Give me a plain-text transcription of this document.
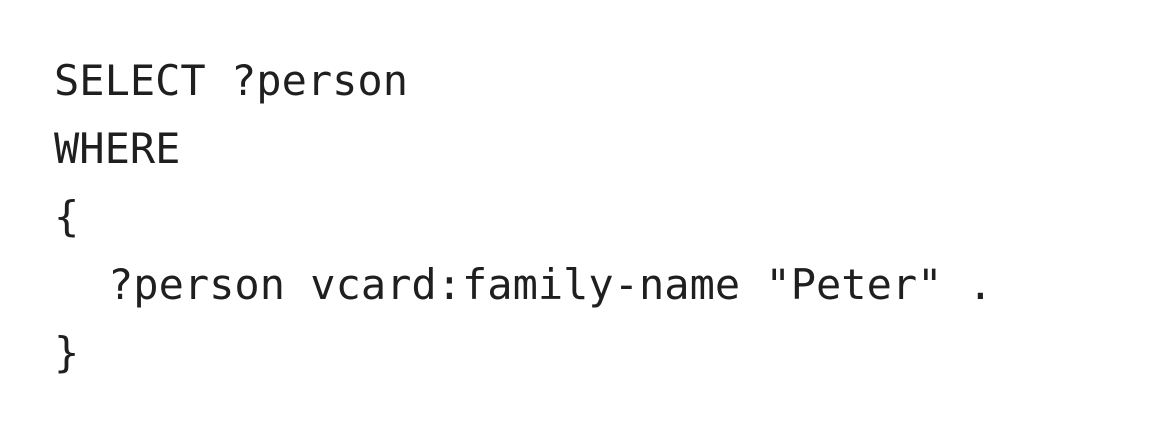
SELECT ?person
WHERE
{
?person vcard:family-name "Peter" .
}
